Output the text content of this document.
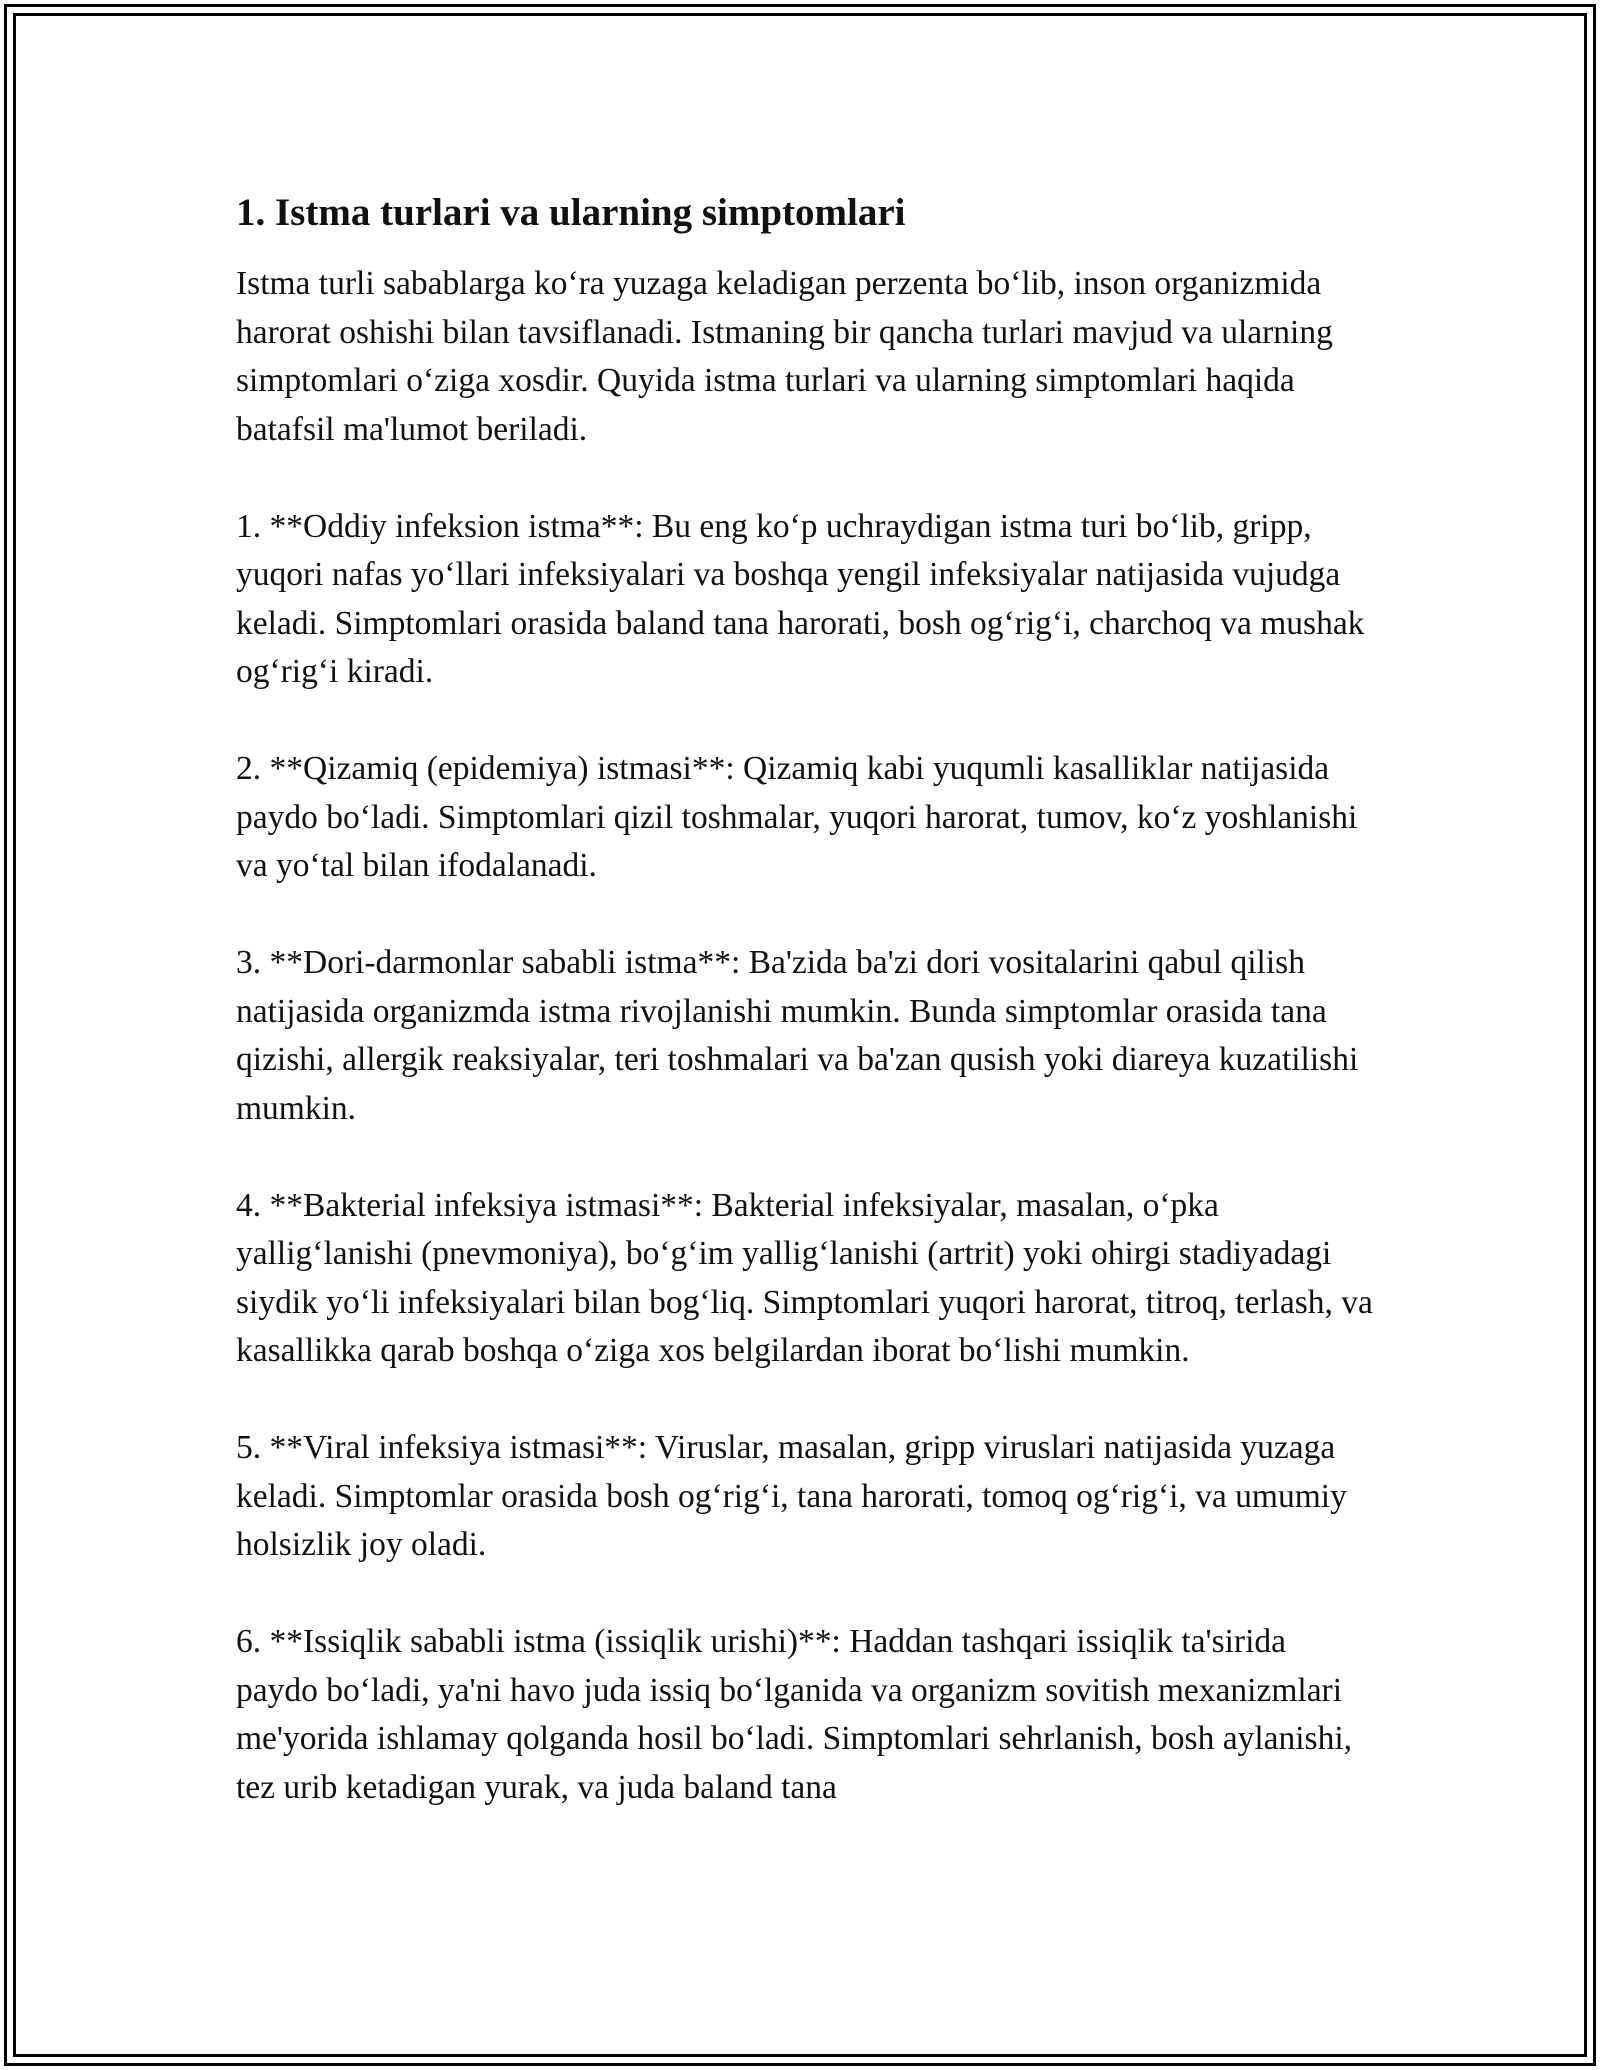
1. Istma turlari va ularning simptomlari

Istma turli sabablarga ko‘ra yuzaga keladigan perzenta bo‘lib, inson organizmida harorat oshishi bilan tavsiflanadi. Istmaning bir qancha turlari mavjud va ularning simptomlari o‘ziga xosdir. Quyida istma turlari va ularning simptomlari haqida batafsil ma'lumot beriladi.

1. **Oddiy infeksion istma**: Bu eng ko‘p uchraydigan istma turi bo‘lib, gripp, yuqori nafas yo‘llari infeksiyalari va boshqa yengil infeksiyalar natijasida vujudga keladi. Simptomlari orasida baland tana harorati, bosh og‘rig‘i, charchoq va mushak og‘rig‘i kiradi.

2. **Qizamiq (epidemiya) istmasi**: Qizamiq kabi yuqumli kasalliklar natijasida paydo bo‘ladi. Simptomlari qizil toshmalar, yuqori harorat, tumov, ko‘z yoshlanishi va yo‘tal bilan ifodalanadi.

3. **Dori-darmonlar sababli istma**: Ba'zida ba'zi dori vositalarini qabul qilish natijasida organizmda istma rivojlanishi mumkin. Bunda simptomlar orasida tana qizishi, allergik reaksiyalar, teri toshmalari va ba'zan qusish yoki diareya kuzatilishi mumkin.

4. **Bakterial infeksiya istmasi**: Bakterial infeksiyalar, masalan, o‘pka yallig‘lanishi (pnevmoniya), bo‘g‘im yallig‘lanishi (artrit) yoki ohirgi stadiyadagi siydik yo‘li infeksiyalari bilan bog‘liq. Simptomlari yuqori harorat, titroq, terlash, va kasallikka qarab boshqa o‘ziga xos belgilardan iborat bo‘lishi mumkin.

5. **Viral infeksiya istmasi**: Viruslar, masalan, gripp viruslari natijasida yuzaga keladi. Simptomlar orasida bosh og‘rig‘i, tana harorati, tomoq og‘rig‘i, va umumiy holsizlik joy oladi.

6. **Issiqlik sababli istma (issiqlik urishi)**: Haddan tashqari issiqlik ta'sirida paydo bo‘ladi, ya'ni havo juda issiq bo‘lganida va organizm sovitish mexanizmlari me'yorida ishlamay qolganda hosil bo‘ladi. Simptomlari sehrlanish, bosh aylanishi, tez urib ketadigan yurak, va juda baland tana
